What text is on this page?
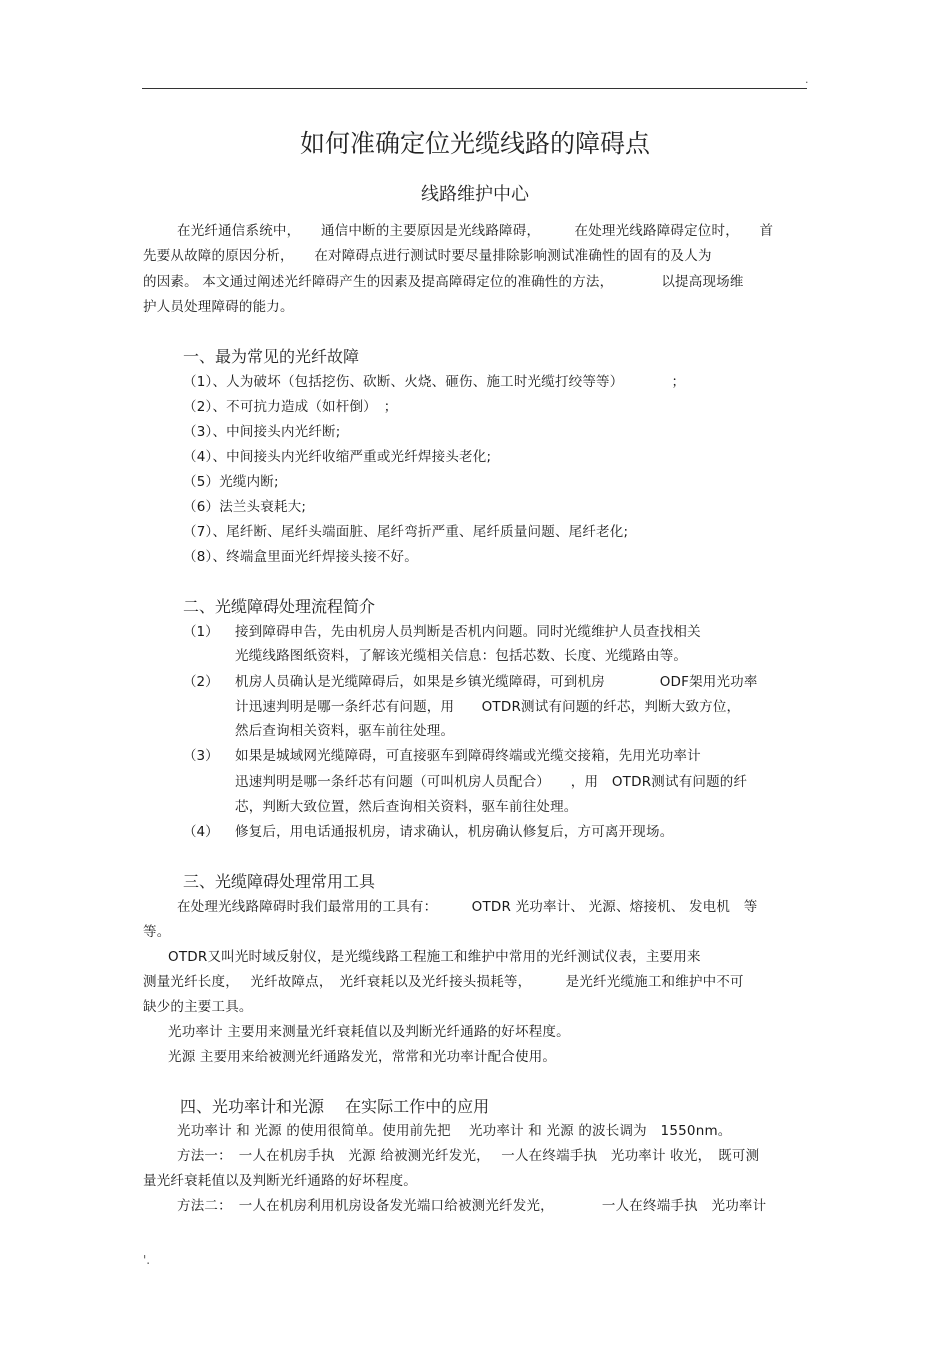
.
如何准确定位光缆线路的障碍点
线路维护中心
在光纤通信系统中，　　通信中断的主要原因是光线路障碍，　　　在处理光线路障碍定位时，　　首
先要从故障的原因分析，　　在对障碍点进行测试时要尽量排除影响测试准确性的固有的及人为
的因素。 本文通过阐述光纤障碍产生的因素及提高障碍定位的准确性的方法，　　　　以提高现场维
护人员处理障碍的能力。
一、最为常见的光纤故障
（1）、人为破坏（包括挖伤、砍断、火烧、砸伤、施工时光缆打绞等等）　　　　；
（2）、不可抗力造成（如杆倒）　；
（3）、中间接头内光纤断;
（4）、中间接头内光纤收缩严重或光纤焊接头老化;
（5）光缆内断;
（6）法兰头衰耗大;
（7）、尾纤断、尾纤头端面脏、尾纤弯折严重、尾纤质量问题、尾纤老化;
（8）、终端盒里面光纤焊接头接不好。
二、光缆障碍处理流程简介
（1） 接到障碍申告，先由机房人员判断是否机内问题。同时光缆维护人员查找相关
光缆线路图纸资料，了解该光缆相关信息：包括芯数、长度、光缆路由等。
（2） 机房人员确认是光缆障碍后，如果是乡镇光缆障碍，可到机房　　　　ODF架用光功率
计迅速判明是哪一条纤芯有问题，用　　OTDR测试有问题的纤芯，判断大致方位，
然后查询相关资料，驱车前往处理。
（3） 如果是城域网光缆障碍，可直接驱车到障碍终端或光缆交接箱，先用光功率计
迅速判明是哪一条纤芯有问题（可叫机房人员配合）　　，用　OTDR测试有问题的纤
芯，判断大致位置，然后查询相关资料，驱车前往处理。
（4） 修复后，用电话通报机房，请求确认，机房确认修复后，方可离开现场。
三、光缆障碍处理常用工具
在处理光线路障碍时我们最常用的工具有：　　　OTDR 光功率计、 光源、熔接机、 发电机　等
等。
OTDR又叫光时域反射仪，是光缆线路工程施工和维护中常用的光纤测试仪表，主要用来
测量光纤长度，　 光纤故障点，　光纤衰耗以及光纤接头损耗等，　　　是光纤光缆施工和维护中不可
缺少的主要工具。
光功率计 主要用来测量光纤衰耗值以及判断光纤通路的好坏程度。
光源 主要用来给被测光纤通路发光，常常和光功率计配合使用。
四、光功率计和光源　 在实际工作中的应用
光功率计 和 光源 的使用很简单。使用前先把　 光功率计 和 光源 的波长调为　1550nm。
方法一：　一人在机房手执　光源 给被测光纤发光，　 一人在终端手执　光功率计 收光，　既可测
量光纤衰耗值以及判断光纤通路的好坏程度。
方法二：　一人在机房利用机房设备发光端口给被测光纤发光，　　　　一人在终端手执　光功率计
'.
